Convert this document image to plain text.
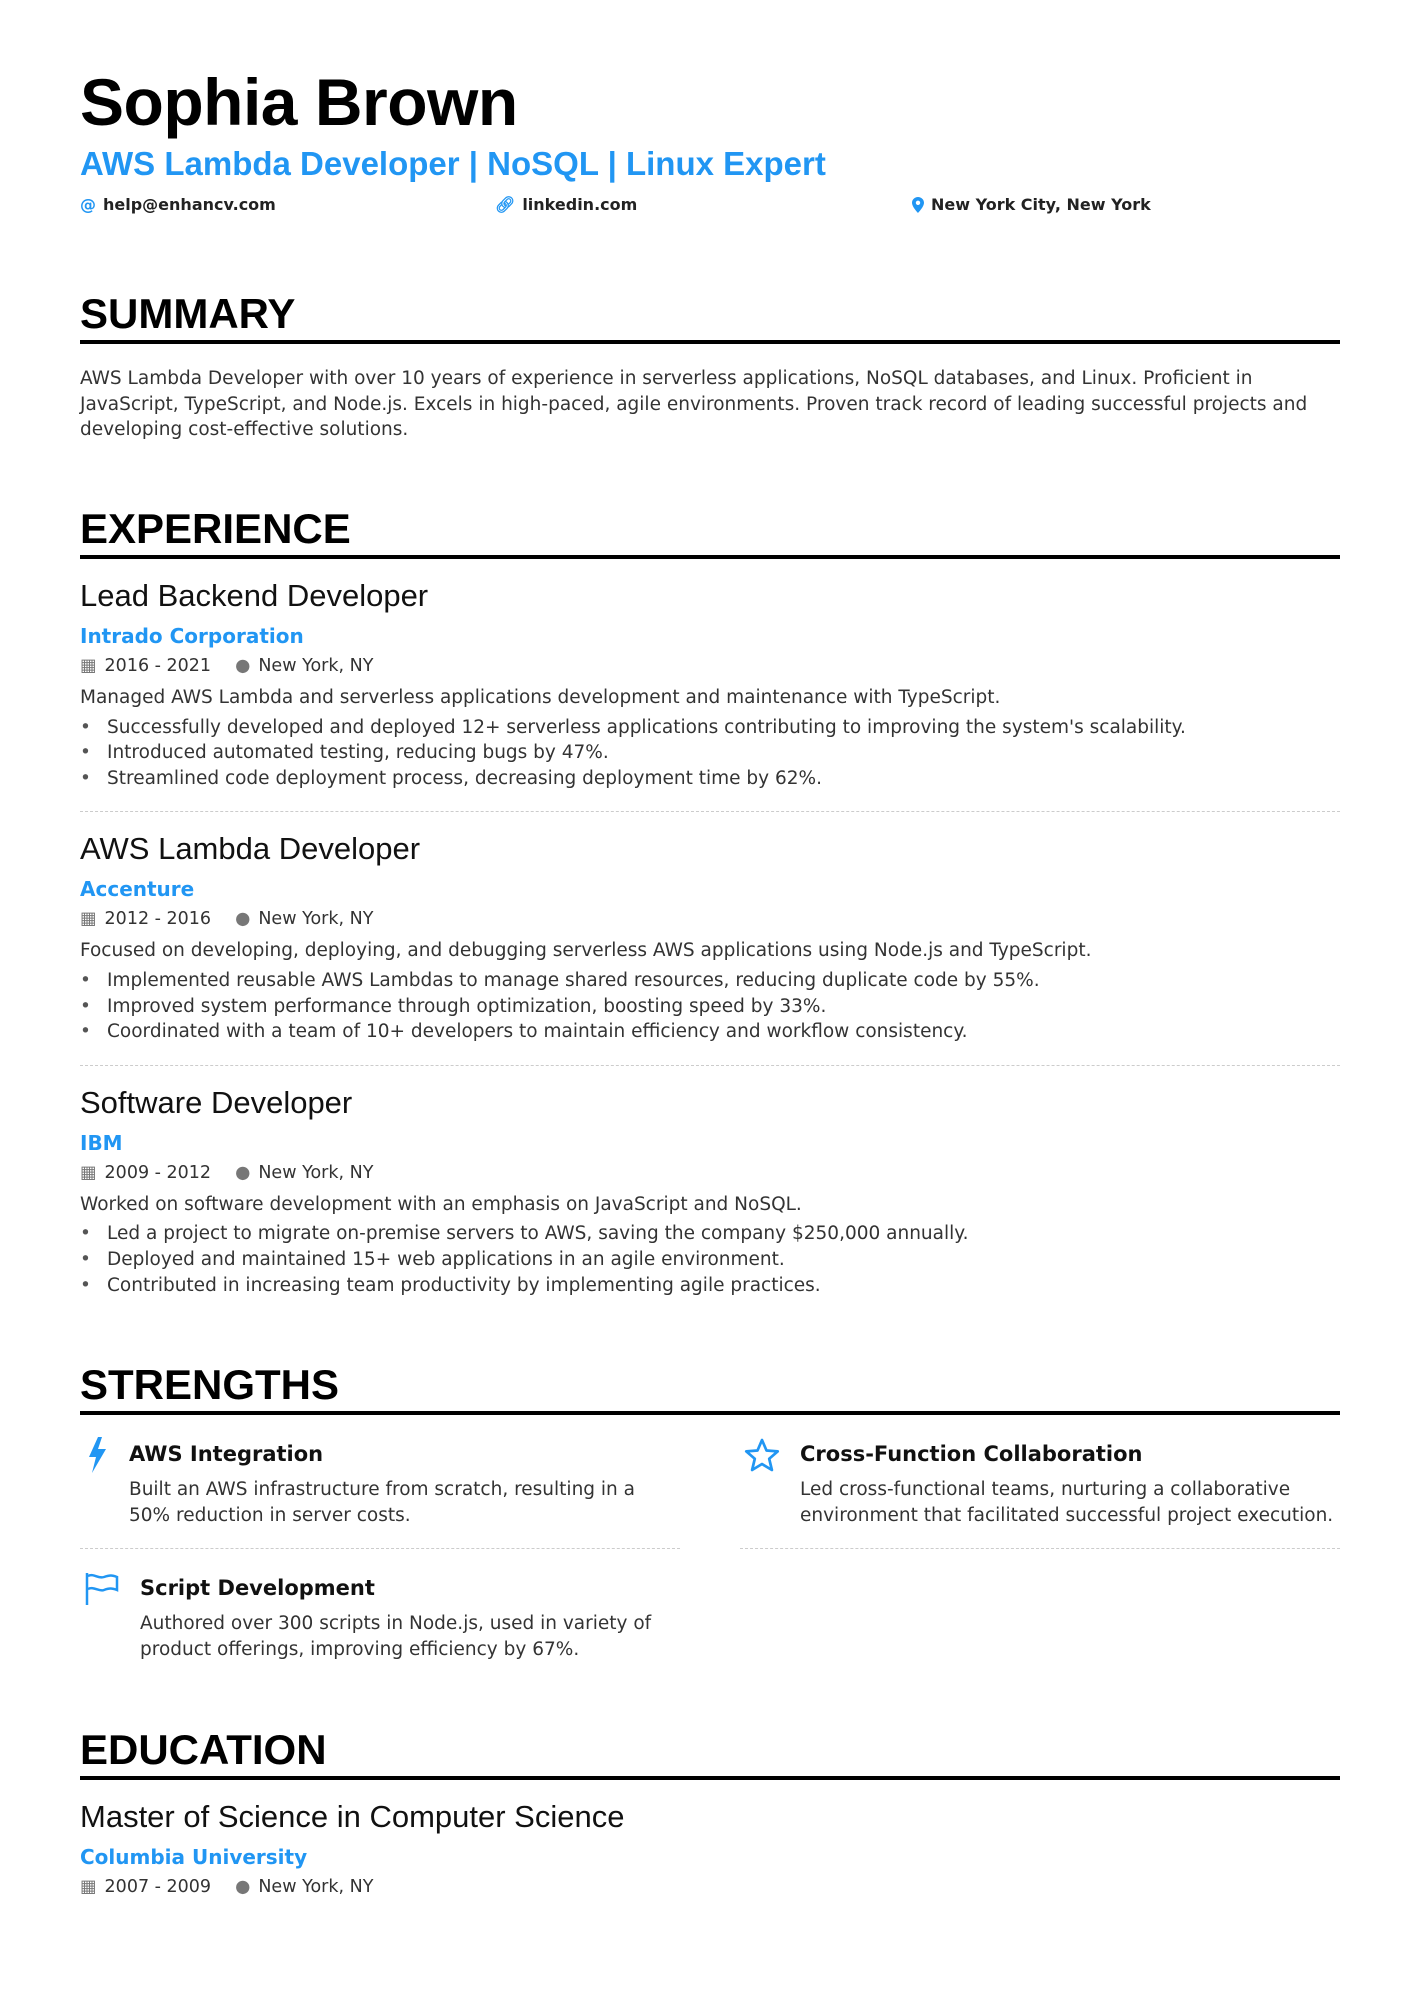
Sophia Brown
AWS Lambda Developer | NoSQL | Linux Expert
@ help@enhancv.com	🔗︎ linkedin.com	New York City, New York
SUMMARY

AWS Lambda Developer with over 10 years of experience in serverless applications, NoSQL databases, and Linux. Proficient in JavaScript, TypeScript, and Node.js. Excels in high-paced, agile environments. Proven track record of leading successful projects and developing cost-effective solutions.

EXPERIENCE
Lead Backend Developer
Intrado Corporation
▦ 2016 - 2021 ● New York, NY
Managed AWS Lambda and serverless applications development and maintenance with TypeScript.
• Successfully developed and deployed 12+ serverless applications contributing to improving the system's scalability.
• Introduced automated testing, reducing bugs by 47%.
• Streamlined code deployment process, decreasing deployment time by 62%.
AWS Lambda Developer
Accenture
▦ 2012 - 2016 ● New York, NY
Focused on developing, deploying, and debugging serverless AWS applications using Node.js and TypeScript.
• Implemented reusable AWS Lambdas to manage shared resources, reducing duplicate code by 55%.
• Improved system performance through optimization, boosting speed by 33%.
• Coordinated with a team of 10+ developers to maintain efficiency and workflow consistency.
Software Developer
IBM
▦ 2009 - 2012 ● New York, NY
Worked on software development with an emphasis on JavaScript and NoSQL.
• Led a project to migrate on-premise servers to AWS, saving the company $250,000 annually.
• Deployed and maintained 15+ web applications in an agile environment.
• Contributed in increasing team productivity by implementing agile practices.
STRENGTHS
AWS Integration

Built an AWS infrastructure from scratch, resulting in a 50% reduction in server costs.

Cross-Function Collaboration

Led cross-functional teams, nurturing a collaborative environment that facilitated successful project execution.

Script Development

Authored over 300 scripts in Node.js, used in variety of product offerings, improving efficiency by 67%.

EDUCATION
Master of Science in Computer Science
Columbia University
▦ 2007 - 2009 ● New York, NY
